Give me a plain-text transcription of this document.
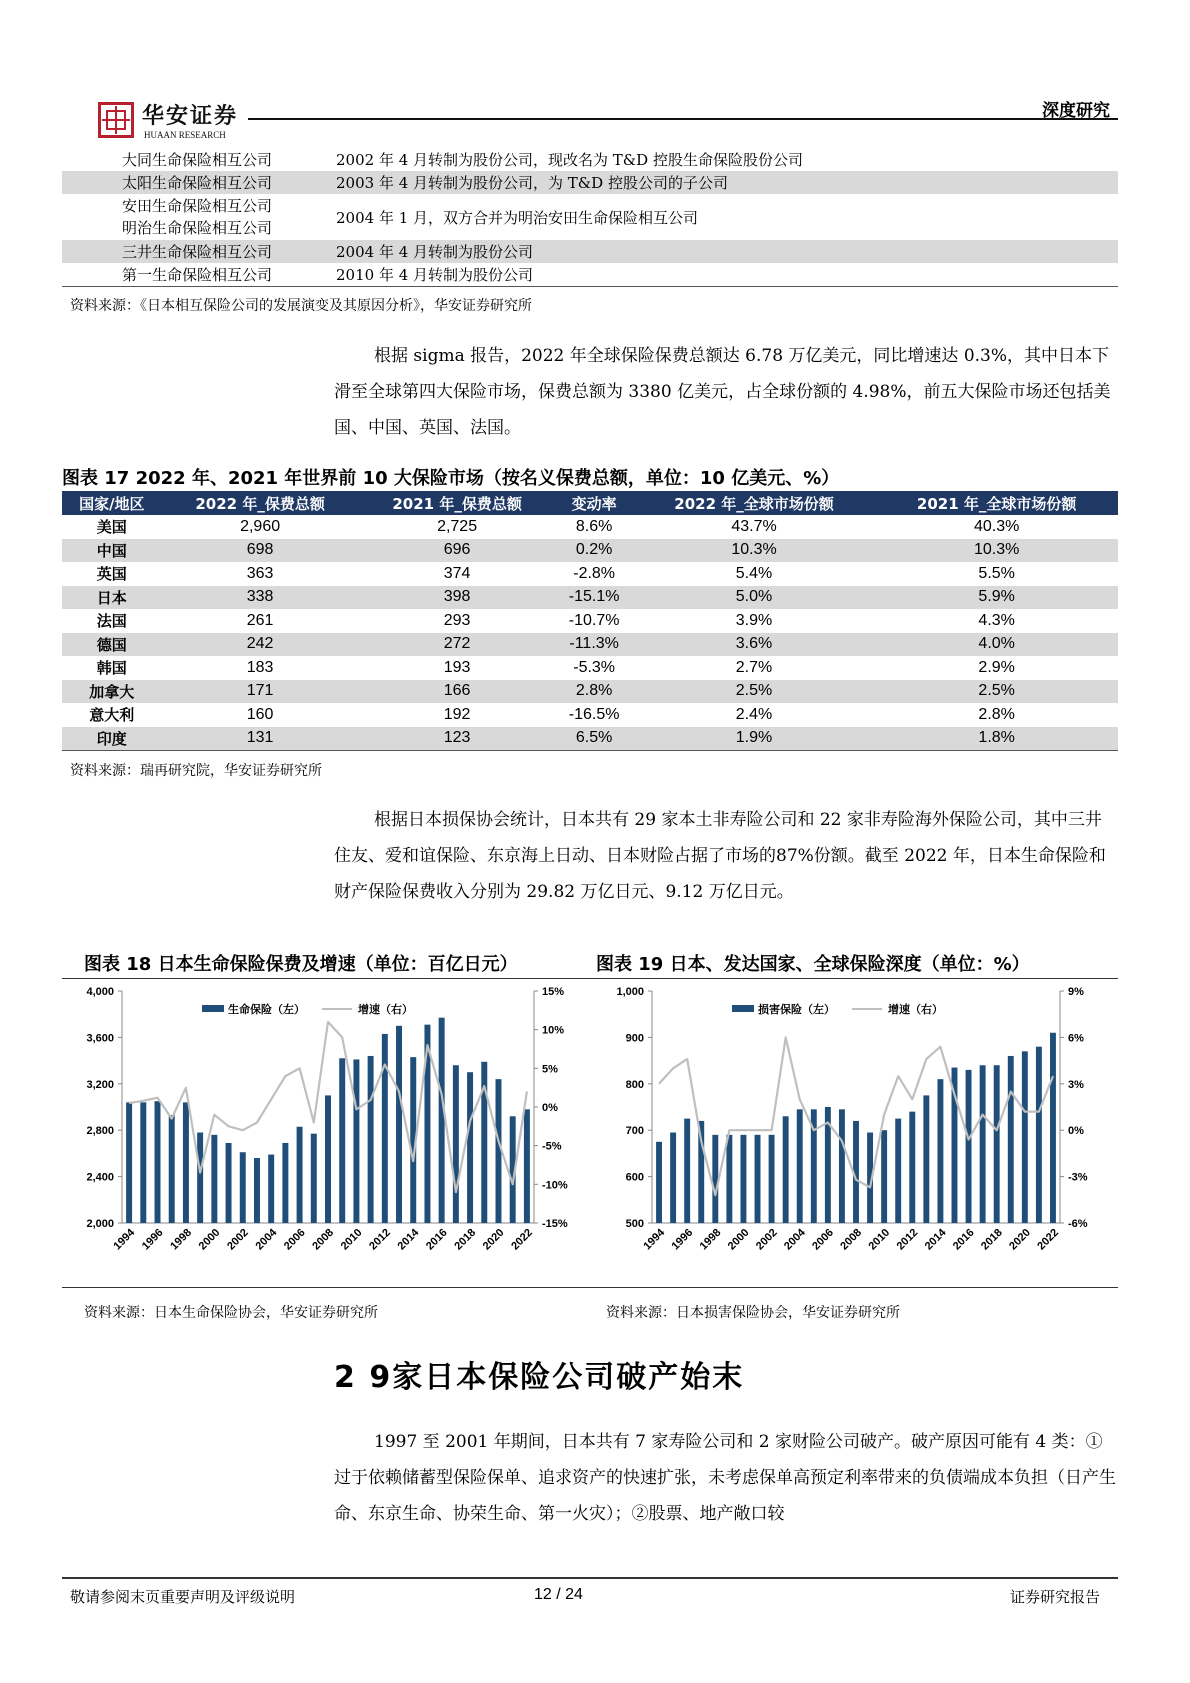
华安证券
HUAAN RESEARCH
深度研究
大同生命保险相互公司	2002 年 4 月转制为股份公司，现改名为 T&D 控股生命保险股份公司
太阳生命保险相互公司	2003 年 4 月转制为股份公司，为 T&D 控股公司的子公司

安田生命保险相互公司
明治生命保险相互公司	2004 年 1 月，双方合并为明治安田生命保险相互公司
三井生命保险相互公司	2004 年 4 月转制为股份公司
第一生命保险相互公司	2010 年 4 月转制为股份公司
资料来源：《日本相互保险公司的发展演变及其原因分析》，华安证券研究所
根据 sigma 报告，2022 年全球保险保费总额达 6.78 万亿美元，同比增速达 0.3%，其中日本下滑至全球第四大保险市场，保费总额为 3380 亿美元，占全球份额的 4.98%，前五大保险市场还包括美国、中国、英国、法国。
图表 17 2022 年、2021 年世界前 10 大保险市场（按名义保费总额，单位：10 亿美元、%）
国家/地区	2022 年_保费总额	2021 年_保费总额	变动率	2022 年_全球市场份额	2021 年_全球市场份额
美国	2,960	2,725	8.6%	43.7%	40.3%
中国	698	696	0.2%	10.3%	10.3%
英国	363	374	-2.8%	5.4%	5.5%
日本	338	398	-15.1%	5.0%	5.9%
法国	261	293	-10.7%	3.9%	4.3%
德国	242	272	-11.3%	3.6%	4.0%
韩国	183	193	-5.3%	2.7%	2.9%
加拿大	171	166	2.8%	2.5%	2.5%
意大利	160	192	-16.5%	2.4%	2.8%
印度	131	123	6.5%	1.9%	1.8%
资料来源：瑞再研究院，华安证券研究所
根据日本损保协会统计，日本共有 29 家本土非寿险公司和 22 家非寿险海外保险公司，其中三井住友、爱和谊保险、东京海上日动、日本财险占据了市场的87%份额。截至 2022 年，日本生命保险和财产保险保费收入分别为 29.82 万亿日元、9.12 万亿日元。
图表 18 日本生命保险保费及增速（单位：百亿日元）	图表 19 日本、发达国家、全球保险深度（单位：%）
4,000
3,600
3,200
2,800
2,400
2,000
15%
10%
5%
0%
-5%
-10%
-15%
1994 1996 1998 2000 2002 2004 2006 2008 2010 2012 2014 2016 2018 2020 2022
生命保险（左）	增速（右）
1,000
900
800
700
600
500
9%
6%
3%
0%
-3%
-6%
1994 1996 1998 2000 2002 2004 2006 2008 2010 2012 2014 2016 2018 2020 2022
损害保险（左）	增速（右）
资料来源：日本生命保险协会，华安证券研究所	资料来源：日本损害保险协会，华安证券研究所
2 9家日本保险公司破产始末
1997 至 2001 年期间，日本共有 7 家寿险公司和 2 家财险公司破产。破产原因可能有 4 类：①过于依赖储蓄型保险保单、追求资产的快速扩张，未考虑保单高预定利率带来的负债端成本负担（日产生命、东京生命、协荣生命、第一火灾）；②股票、地产敞口较
敬请参阅末页重要声明及评级说明	12 / 24	证券研究报告
